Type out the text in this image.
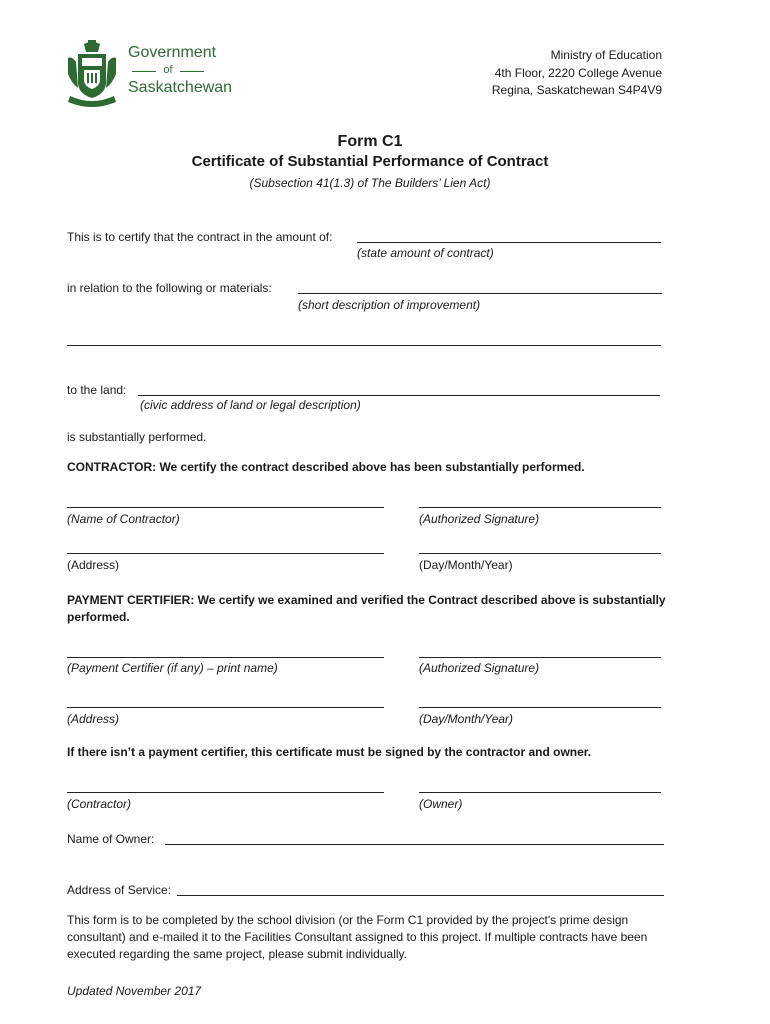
Government
of
Saskatchewan
Ministry of Education
4th Floor, 2220 College Avenue
Regina, Saskatchewan S4P4V9
Form C1
Certificate of Substantial Performance of Contract
(Subsection 41(1.3) of The Builders’ Lien Act)
This is to certify that the contract in the amount of:
(state amount of contract)
in relation to the following or materials:
(short description of improvement)
to the land:
(civic address of land or legal description)
is substantially performed.
CONTRACTOR: We certify the contract described above has been substantially performed.
(Name of Contractor)	(Authorized Signature)
(Address)	(Day/Month/Year)
PAYMENT CERTIFIER: We certify we examined and verified the Contract described above is substantially performed.
(Payment Certifier (if any) – print name)	(Authorized Signature)
(Address)	(Day/Month/Year)
If there isn’t a payment certifier, this certificate must be signed by the contractor and owner.
(Contractor)	(Owner)
Name of Owner:
Address of Service:
This form is to be completed by the school division (or the Form C1 provided by the project's prime design consultant) and e-mailed it to the Facilities Consultant assigned to this project. If multiple contracts have been executed regarding the same project, please submit individually.
Updated November 2017
